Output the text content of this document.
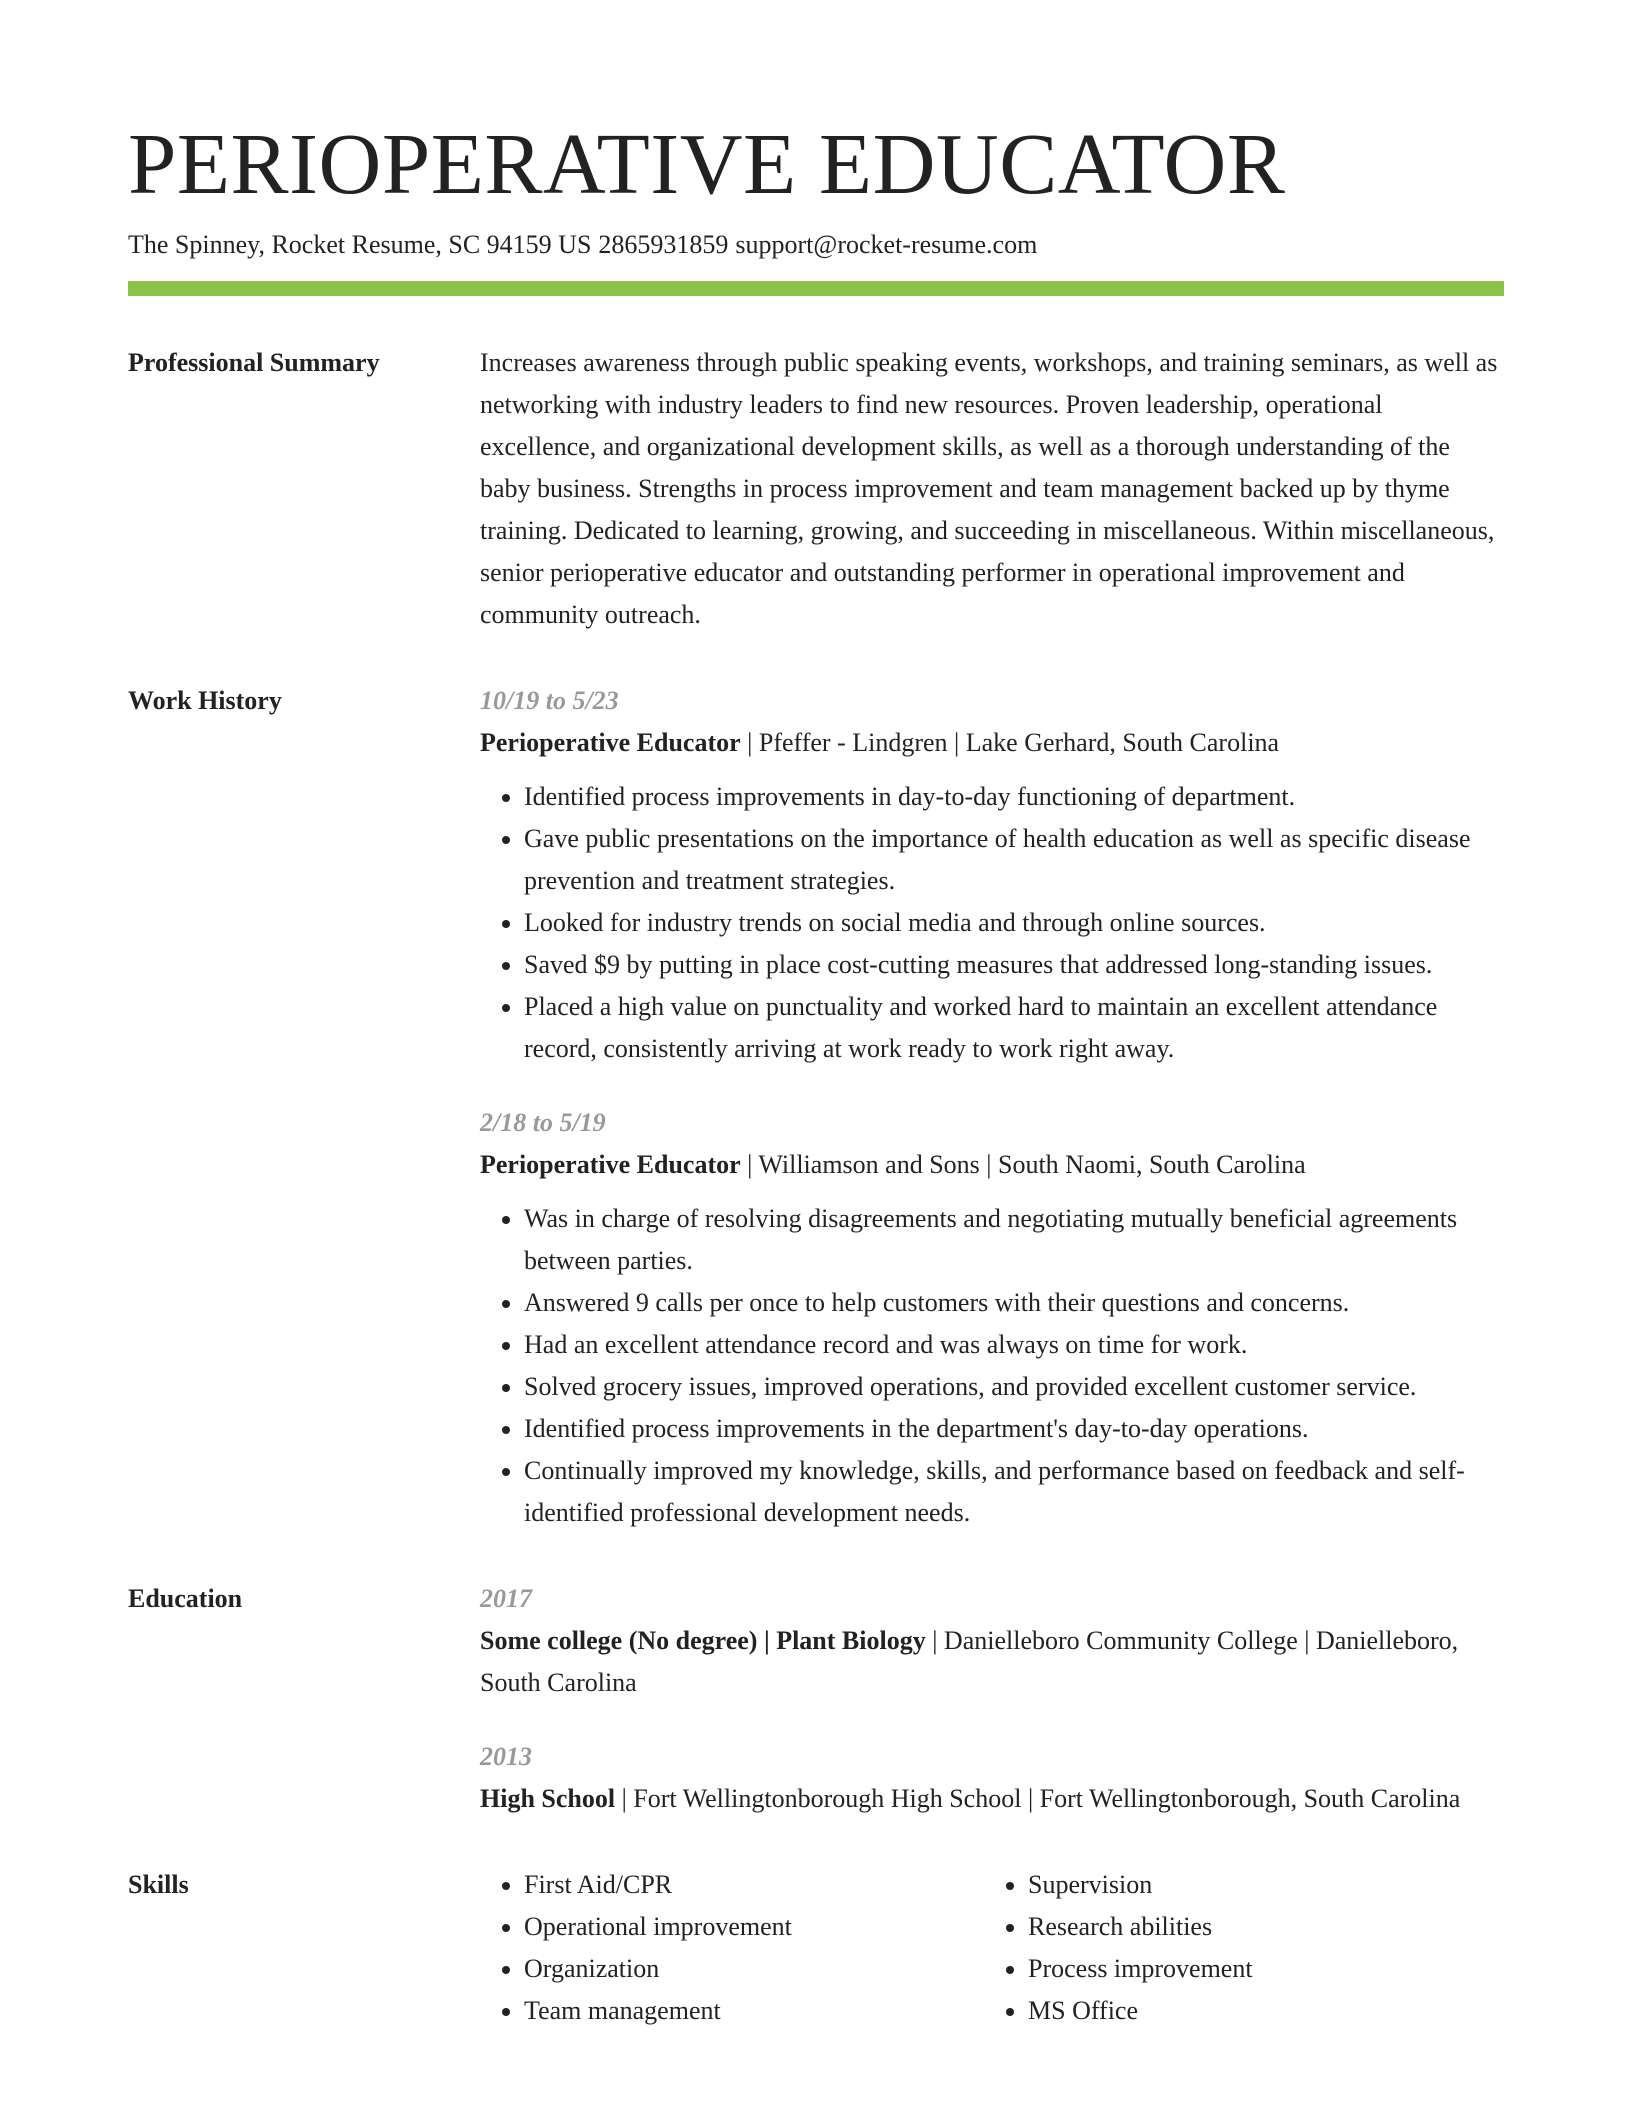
PERIOPERATIVE EDUCATOR
The Spinney, Rocket Resume, SC 94159 US 2865931859 support@rocket-resume.com
Professional Summary	Increases awareness through public speaking events, workshops, and training seminars, as well as networking with industry leaders to find new resources. Proven leadership, operational excellence, and organizational development skills, as well as a thorough understanding of the baby business. Strengths in process improvement and team management backed up by thyme training. Dedicated to learning, growing, and succeeding in miscellaneous. Within miscellaneous, senior perioperative educator and outstanding performer in operational improvement and community outreach.

Work History	10/19 to 5/23
Perioperative Educator | Pfeffer - Lindgren | Lake Gerhard, South Carolina
• Identified process improvements in day-to-day functioning of department.
• Gave public presentations on the importance of health education as well as specific disease prevention and treatment strategies.
• Looked for industry trends on social media and through online sources.
• Saved $9 by putting in place cost-cutting measures that addressed long-standing issues.
• Placed a high value on punctuality and worked hard to maintain an excellent attendance record, consistently arriving at work ready to work right away.
2/18 to 5/19
Perioperative Educator | Williamson and Sons | South Naomi, South Carolina
• Was in charge of resolving disagreements and negotiating mutually beneficial agreements between parties.
• Answered 9 calls per once to help customers with their questions and concerns.
• Had an excellent attendance record and was always on time for work.
• Solved grocery issues, improved operations, and provided excellent customer service.
• Identified process improvements in the department's day-to-day operations.
• Continually improved my knowledge, skills, and performance based on feedback and self-identified professional development needs.
Education	2017
Some college (No degree) | Plant Biology | Danielleboro Community College | Danielleboro, South Carolina
2013
High School | Fort Wellingtonborough High School | Fort Wellingtonborough, South Carolina
Skills
•	First Aid/CPR
• Operational improvement
• Organization
• Team management
• Supervision
• Research abilities
• Process improvement
• MS Office
